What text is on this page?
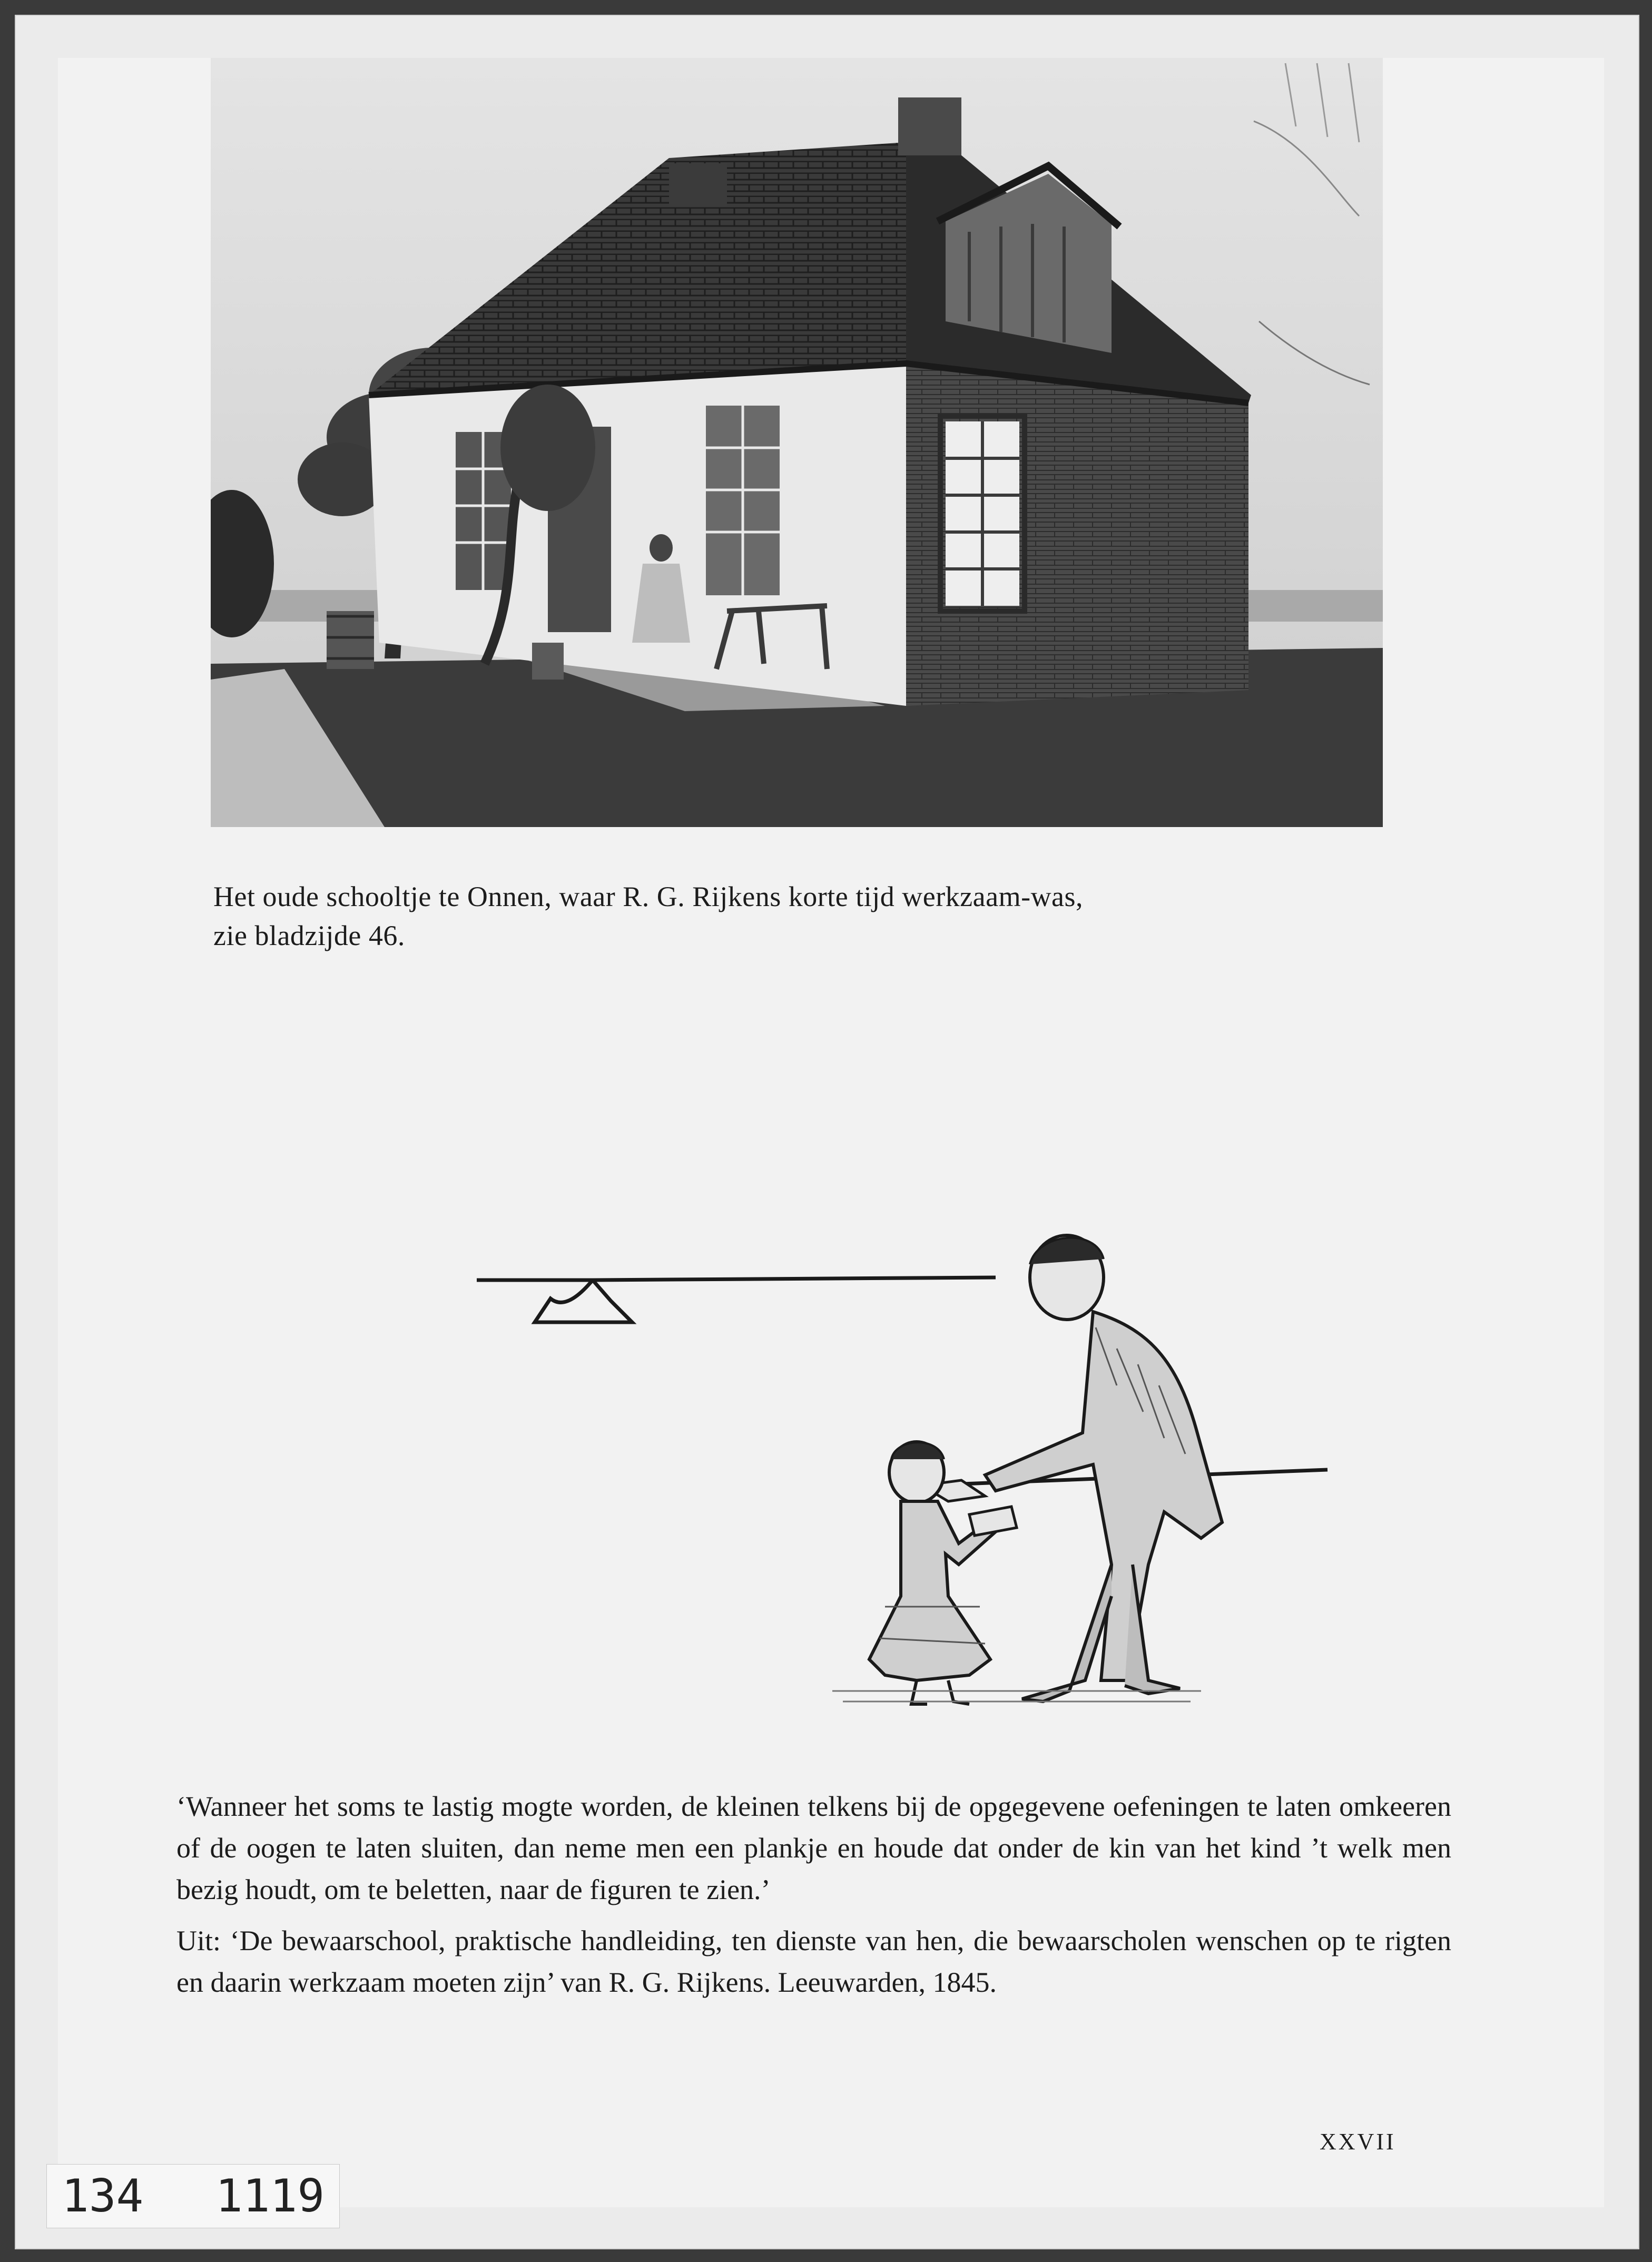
Het oude schooltje te Onnen, waar R. G. Rijkens korte tijd werkzaam-was,
zie bladzijde 46.

‘Wanneer het soms te lastig mogte worden, de kleinen telkens bij de opgegevene oefeningen te laten omkeeren of de oogen te laten sluiten, dan neme men een plankje en houde dat onder de kin van het kind ’t welk men bezig houdt, om te beletten, naar de figuren te zien.’

Uit: ‘De bewaarschool, praktische handleiding, ten dienste van hen, die bewaarscholen wenschen op te rigten en daarin werkzaam moeten zijn’ van R. G. Rijkens. Leeuwarden, 1845.

XXVII
134 1119
